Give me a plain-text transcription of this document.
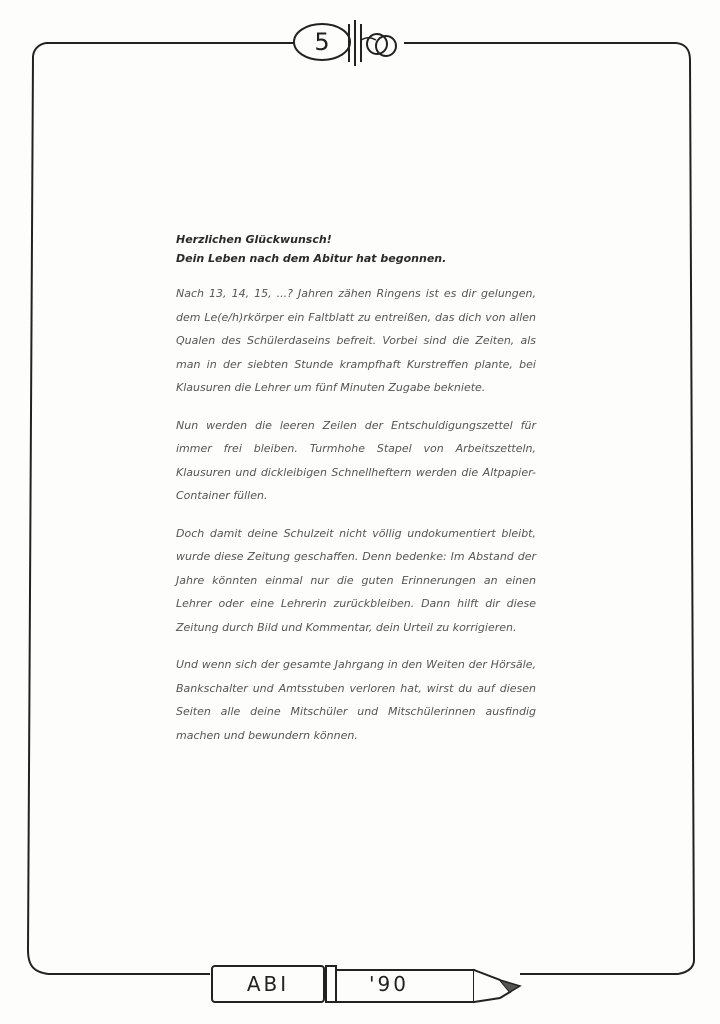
5

Herzlichen Glückwunsch!

Dein Leben nach dem Abitur hat begonnen.

Nach 13, 14, 15, ...? Jahren zähen Ringens ist es dir gelungen, dem Le(e/h)rkörper ein Faltblatt zu entreißen, das dich von allen Qualen des Schülerdaseins befreit. Vorbei sind die Zeiten, als man in der siebten Stunde krampfhaft Kurstreffen plante, bei Klausuren die Lehrer um fünf Minuten Zugabe bekniete.

Nun werden die leeren Zeilen der Entschuldigungszettel für immer frei bleiben. Turmhohe Stapel von Arbeitszetteln, Klausuren und dickleibigen Schnellheftern werden die Altpapier-Container füllen.

Doch damit deine Schulzeit nicht völlig undokumentiert bleibt, wurde diese Zeitung geschaffen. Denn bedenke: Im Abstand der Jahre könnten einmal nur die guten Erinnerungen an einen Lehrer oder eine Lehrerin zurückbleiben. Dann hilft dir diese Zeitung durch Bild und Kommentar, dein Urteil zu korrigieren.

Und wenn sich der gesamte Jahrgang in den Weiten der Hörsäle, Bankschalter und Amtsstuben verloren hat, wirst du auf diesen Seiten alle deine Mitschüler und Mitschülerinnen ausfindig machen und bewundern können.

ABI	'90
